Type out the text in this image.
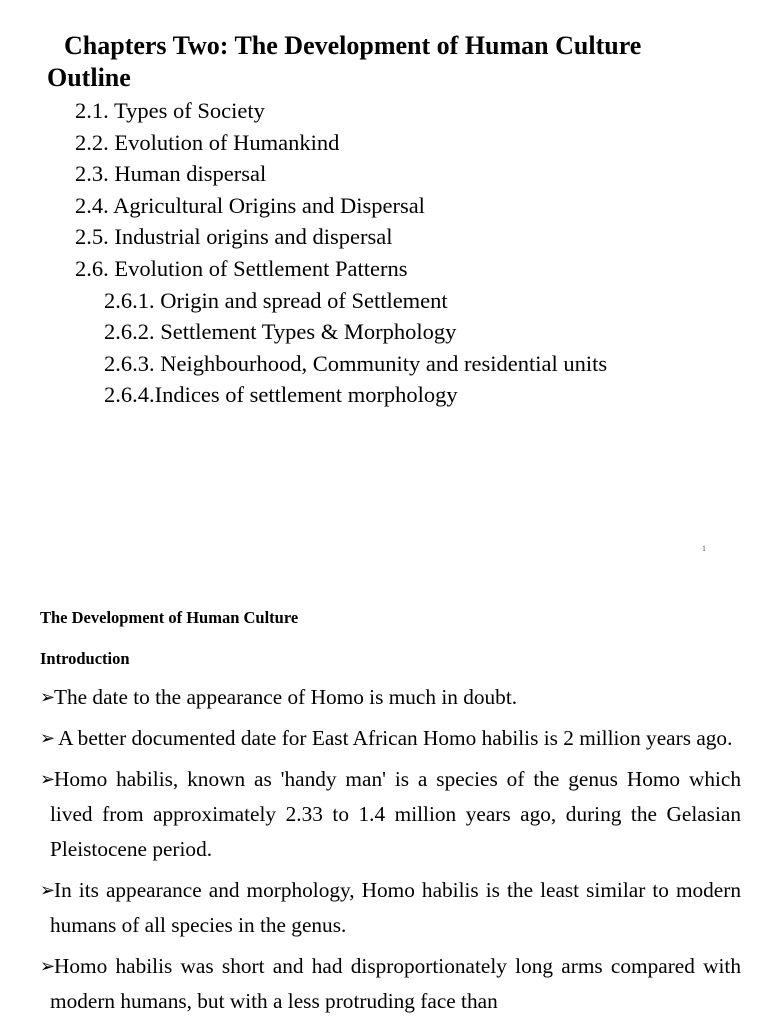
Chapters Two: The Development of Human Culture
Outline
2.1. Types of Society
2.2. Evolution of Humankind
2.3. Human dispersal
2.4. Agricultural Origins and Dispersal
2.5. Industrial origins and dispersal
2.6. Evolution of Settlement Patterns
2.6.1. Origin and spread of Settlement
2.6.2. Settlement Types & Morphology
2.6.3. Neighbourhood, Community and residential units
2.6.4.Indices of settlement morphology
1
The Development of Human Culture
Introduction
➢The date to the appearance of Homo is much in doubt.
➢ A better documented date for East African Homo habilis is 2 million years ago.
➢Homo habilis, known as 'handy man' is a species of the genus Homo which lived from approximately 2.33 to 1.4 million years ago, during the Gelasian Pleistocene period.
➢In its appearance and morphology, Homo habilis is the least similar to modern humans of all species in the genus.
➢Homo habilis was short and had disproportionately long arms compared with modern humans, but with a less protruding face than
